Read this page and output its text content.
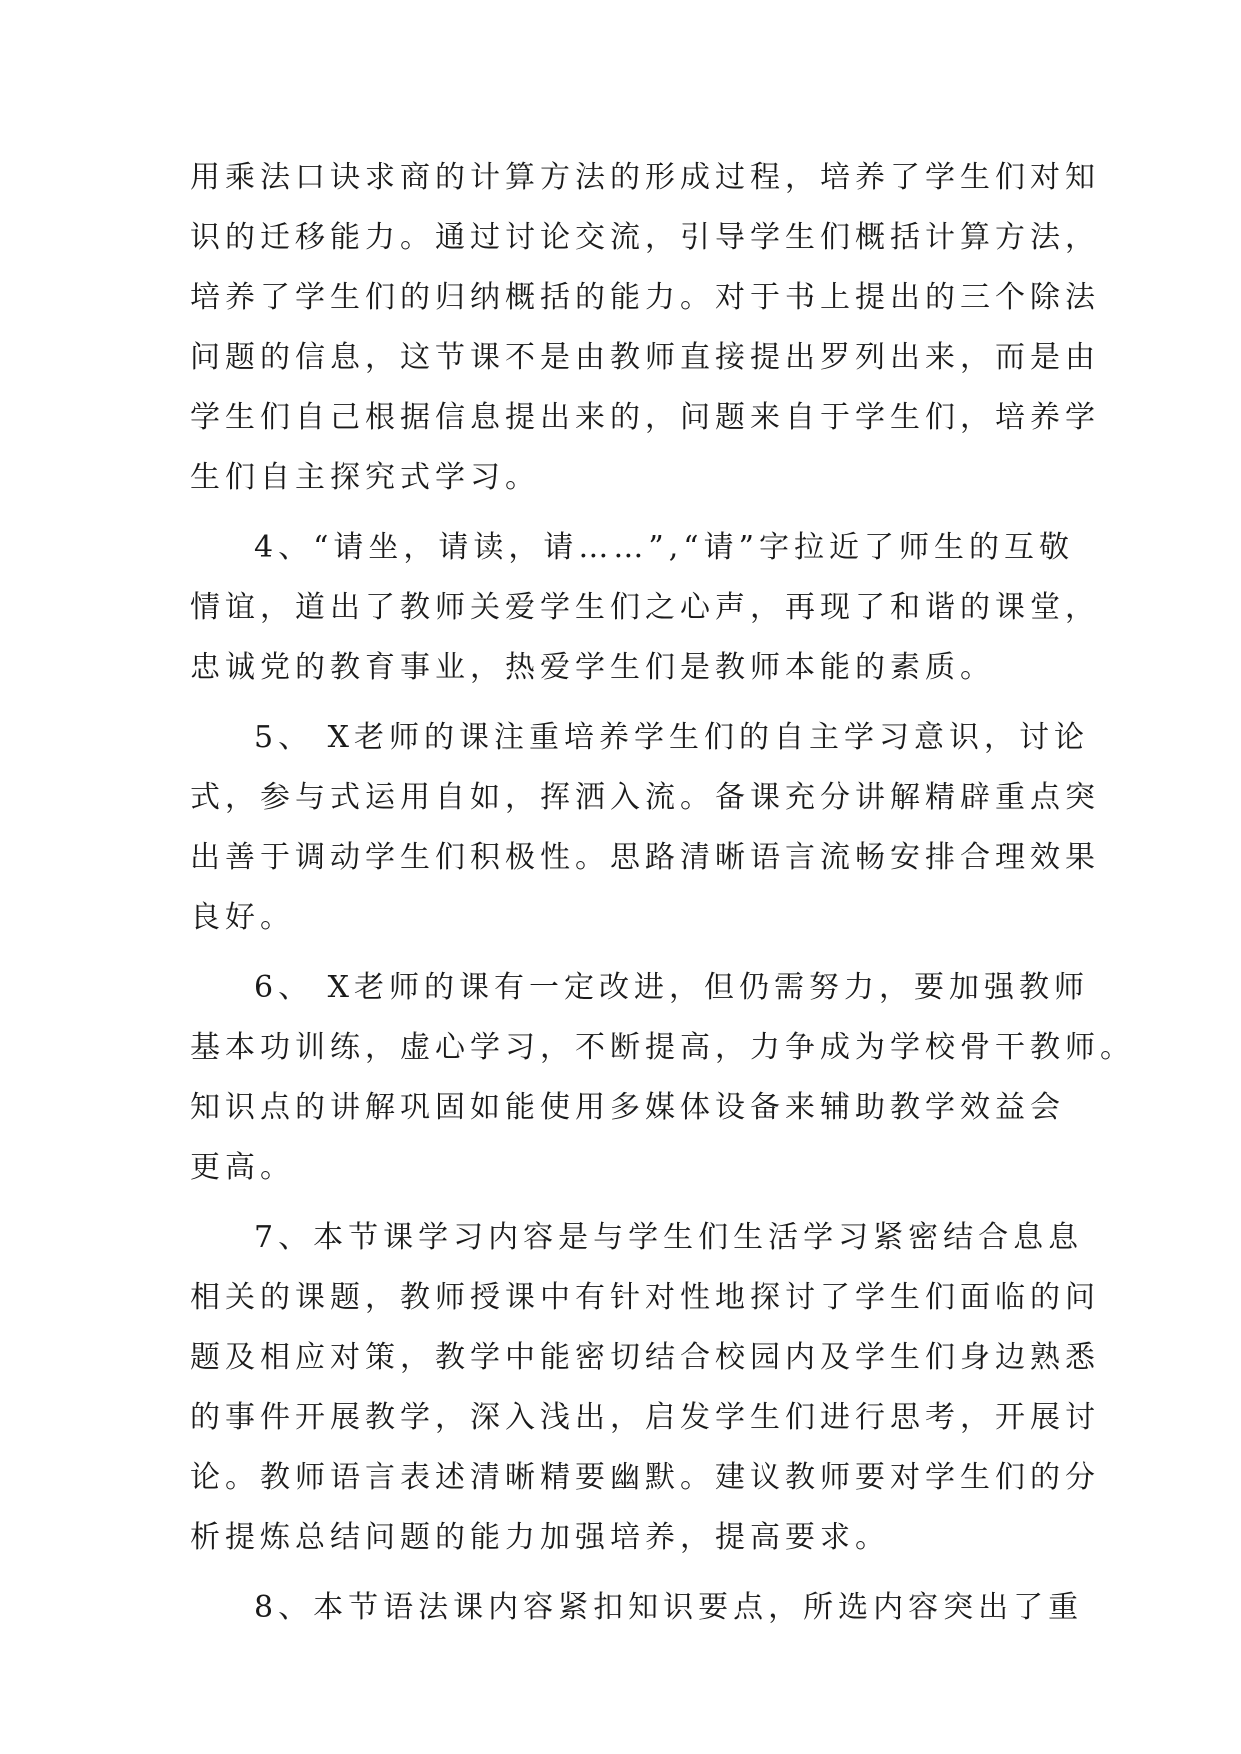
用乘法口诀求商的计算方法的形成过程，培养了学生们对知
识的迁移能力。通过讨论交流，引导学生们概括计算方法，
培养了学生们的归纳概括的能力。对于书上提出的三个除法
问题的信息，这节课不是由教师直接提出罗列出来，而是由
学生们自己根据信息提出来的，问题来自于学生们，培养学
生们自主探究式学习。
4、“请坐，请读，请……”,“请”字拉近了师生的互敬
情谊，道出了教师关爱学生们之心声，再现了和谐的课堂，
忠诚党的教育事业，热爱学生们是教师本能的素质。
5、 X老师的课注重培养学生们的自主学习意识，讨论
式，参与式运用自如，挥洒入流。备课充分讲解精辟重点突
出善于调动学生们积极性。思路清晰语言流畅安排合理效果
良好。
6、 X老师的课有一定改进，但仍需努力，要加强教师
基本功训练，虚心学习，不断提高，力争成为学校骨干教师。
知识点的讲解巩固如能使用多媒体设备来辅助教学效益会
更高。
7、本节课学习内容是与学生们生活学习紧密结合息息
相关的课题，教师授课中有针对性地探讨了学生们面临的问
题及相应对策，教学中能密切结合校园内及学生们身边熟悉
的事件开展教学，深入浅出，启发学生们进行思考，开展讨
论。教师语言表述清晰精要幽默。建议教师要对学生们的分
析提炼总结问题的能力加强培养，提高要求。
8、本节语法课内容紧扣知识要点，所选内容突出了重
